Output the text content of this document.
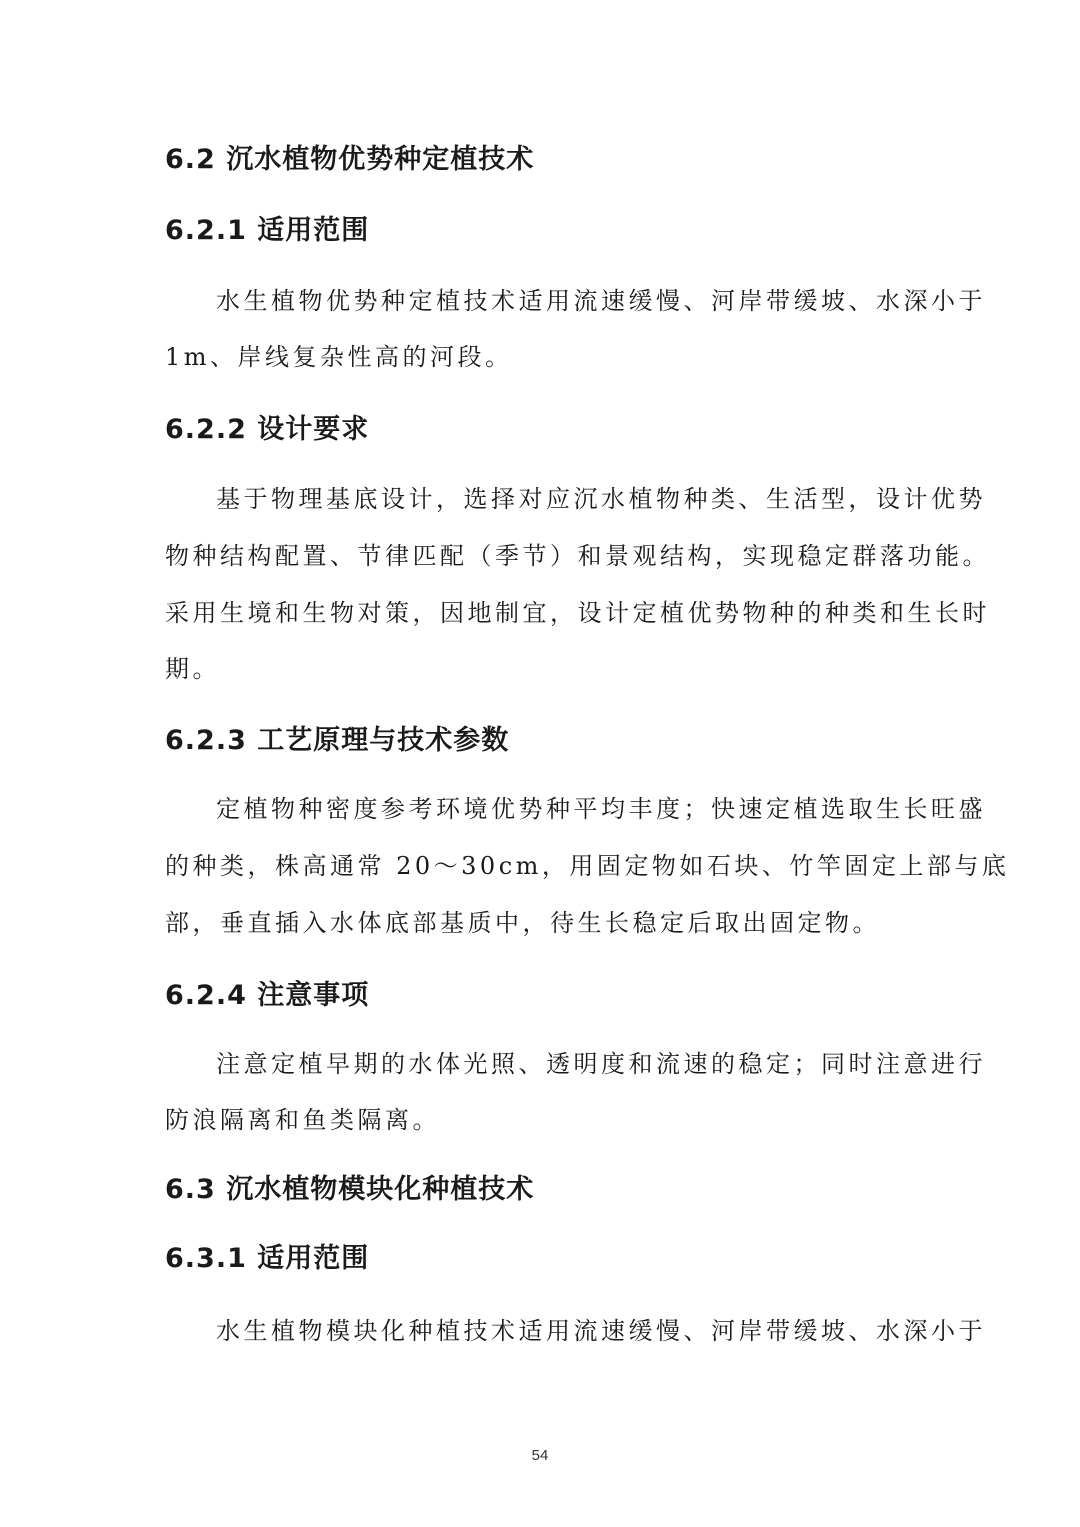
6.2 沉水植物优势种定植技术
6.2.1 适用范围
水生植物优势种定植技术适用流速缓慢、河岸带缓坡、水深小于
1m、岸线复杂性高的河段。
6.2.2 设计要求
基于物理基底设计，选择对应沉水植物种类、生活型，设计优势
物种结构配置、节律匹配（季节）和景观结构，实现稳定群落功能。
采用生境和生物对策，因地制宜，设计定植优势物种的种类和生长时
期。
6.2.3 工艺原理与技术参数
定植物种密度参考环境优势种平均丰度；快速定植选取生长旺盛
的种类，株高通常 20～30cm，用固定物如石块、竹竿固定上部与底
部，垂直插入水体底部基质中，待生长稳定后取出固定物。
6.2.4 注意事项
注意定植早期的水体光照、透明度和流速的稳定；同时注意进行
防浪隔离和鱼类隔离。
6.3 沉水植物模块化种植技术
6.3.1 适用范围
水生植物模块化种植技术适用流速缓慢、河岸带缓坡、水深小于
54
